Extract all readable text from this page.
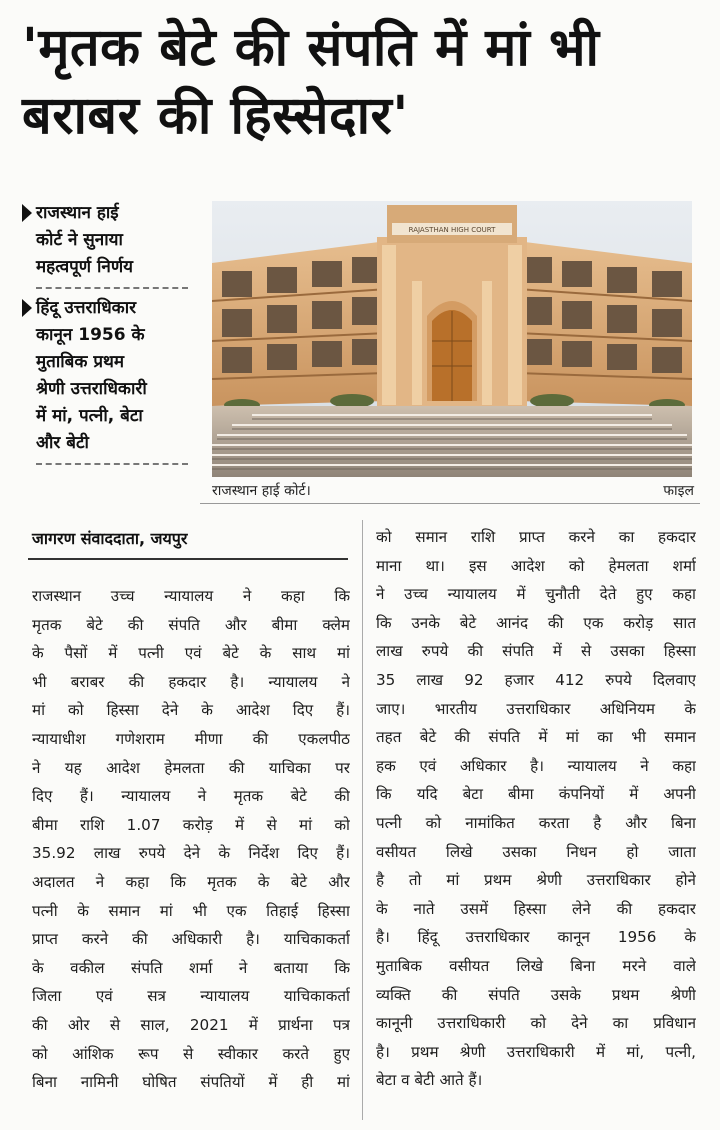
'मृतक बेटे की संपति में मां भी
बराबर की हिस्सेदार'
राजस्थान हाई
कोर्ट ने सुनाया
महत्वपूर्ण निर्णय
हिंदू उत्तराधिकार
कानून 1956 के
मुताबिक प्रथम
श्रेणी उत्तराधिकारी
में मां, पत्नी, बेटा
और बेटी
RAJASTHAN HIGH COURT
राजस्थान हाई कोर्ट।	फाइल
जागरण संवाददाता, जयपुर
राजस्थान उच्च न्यायालय ने कहा कि
मृतक बेटे की संपति और बीमा क्लेम
के पैसों में पत्नी एवं बेटे के साथ मां
भी बराबर की हकदार है। न्यायालय ने
मां को हिस्सा देने के आदेश दिए हैं।
न्यायाधीश गणेशराम मीणा की एकलपीठ
ने यह आदेश हेमलता की याचिका पर
दिए हैं। न्यायालय ने मृतक बेटे की
बीमा राशि 1.07 करोड़ में से मां को
35.92 लाख रुपये देने के निर्देश दिए हैं।
अदालत ने कहा कि मृतक के बेटे और
पत्नी के समान मां भी एक तिहाई हिस्सा
प्राप्त करने की अधिकारी है। याचिकाकर्ता
के वकील संपति शर्मा ने बताया कि
जिला एवं सत्र न्यायालय याचिकाकर्ता
की ओर से साल, 2021 में प्रार्थना पत्र
को आंशिक रूप से स्वीकार करते हुए
बिना नामिनी घोषित संपतियों में ही मां
को समान राशि प्राप्त करने का हकदार
माना था। इस आदेश को हेमलता शर्मा
ने उच्च न्यायालय में चुनौती देते हुए कहा
कि उनके बेटे आनंद की एक करोड़ सात
लाख रुपये की संपति में से उसका हिस्सा
35 लाख 92 हजार 412 रुपये दिलवाए
जाए। भारतीय उत्तराधिकार अधिनियम के
तहत बेटे की संपति में मां का भी समान
हक एवं अधिकार है। न्यायालय ने कहा
कि यदि बेटा बीमा कंपनियों में अपनी
पत्नी को नामांकित करता है और बिना
वसीयत लिखे उसका निधन हो जाता
है तो मां प्रथम श्रेणी उत्तराधिकार होने
के नाते उसमें हिस्सा लेने की हकदार
है। हिंदू उत्तराधिकार कानून 1956 के
मुताबिक वसीयत लिखे बिना मरने वाले
व्यक्ति की संपति उसके प्रथम श्रेणी
कानूनी उत्तराधिकारी को देने का प्रविधान
है। प्रथम श्रेणी उत्तराधिकारी में मां, पत्नी,
बेटा व बेटी आते हैं।
